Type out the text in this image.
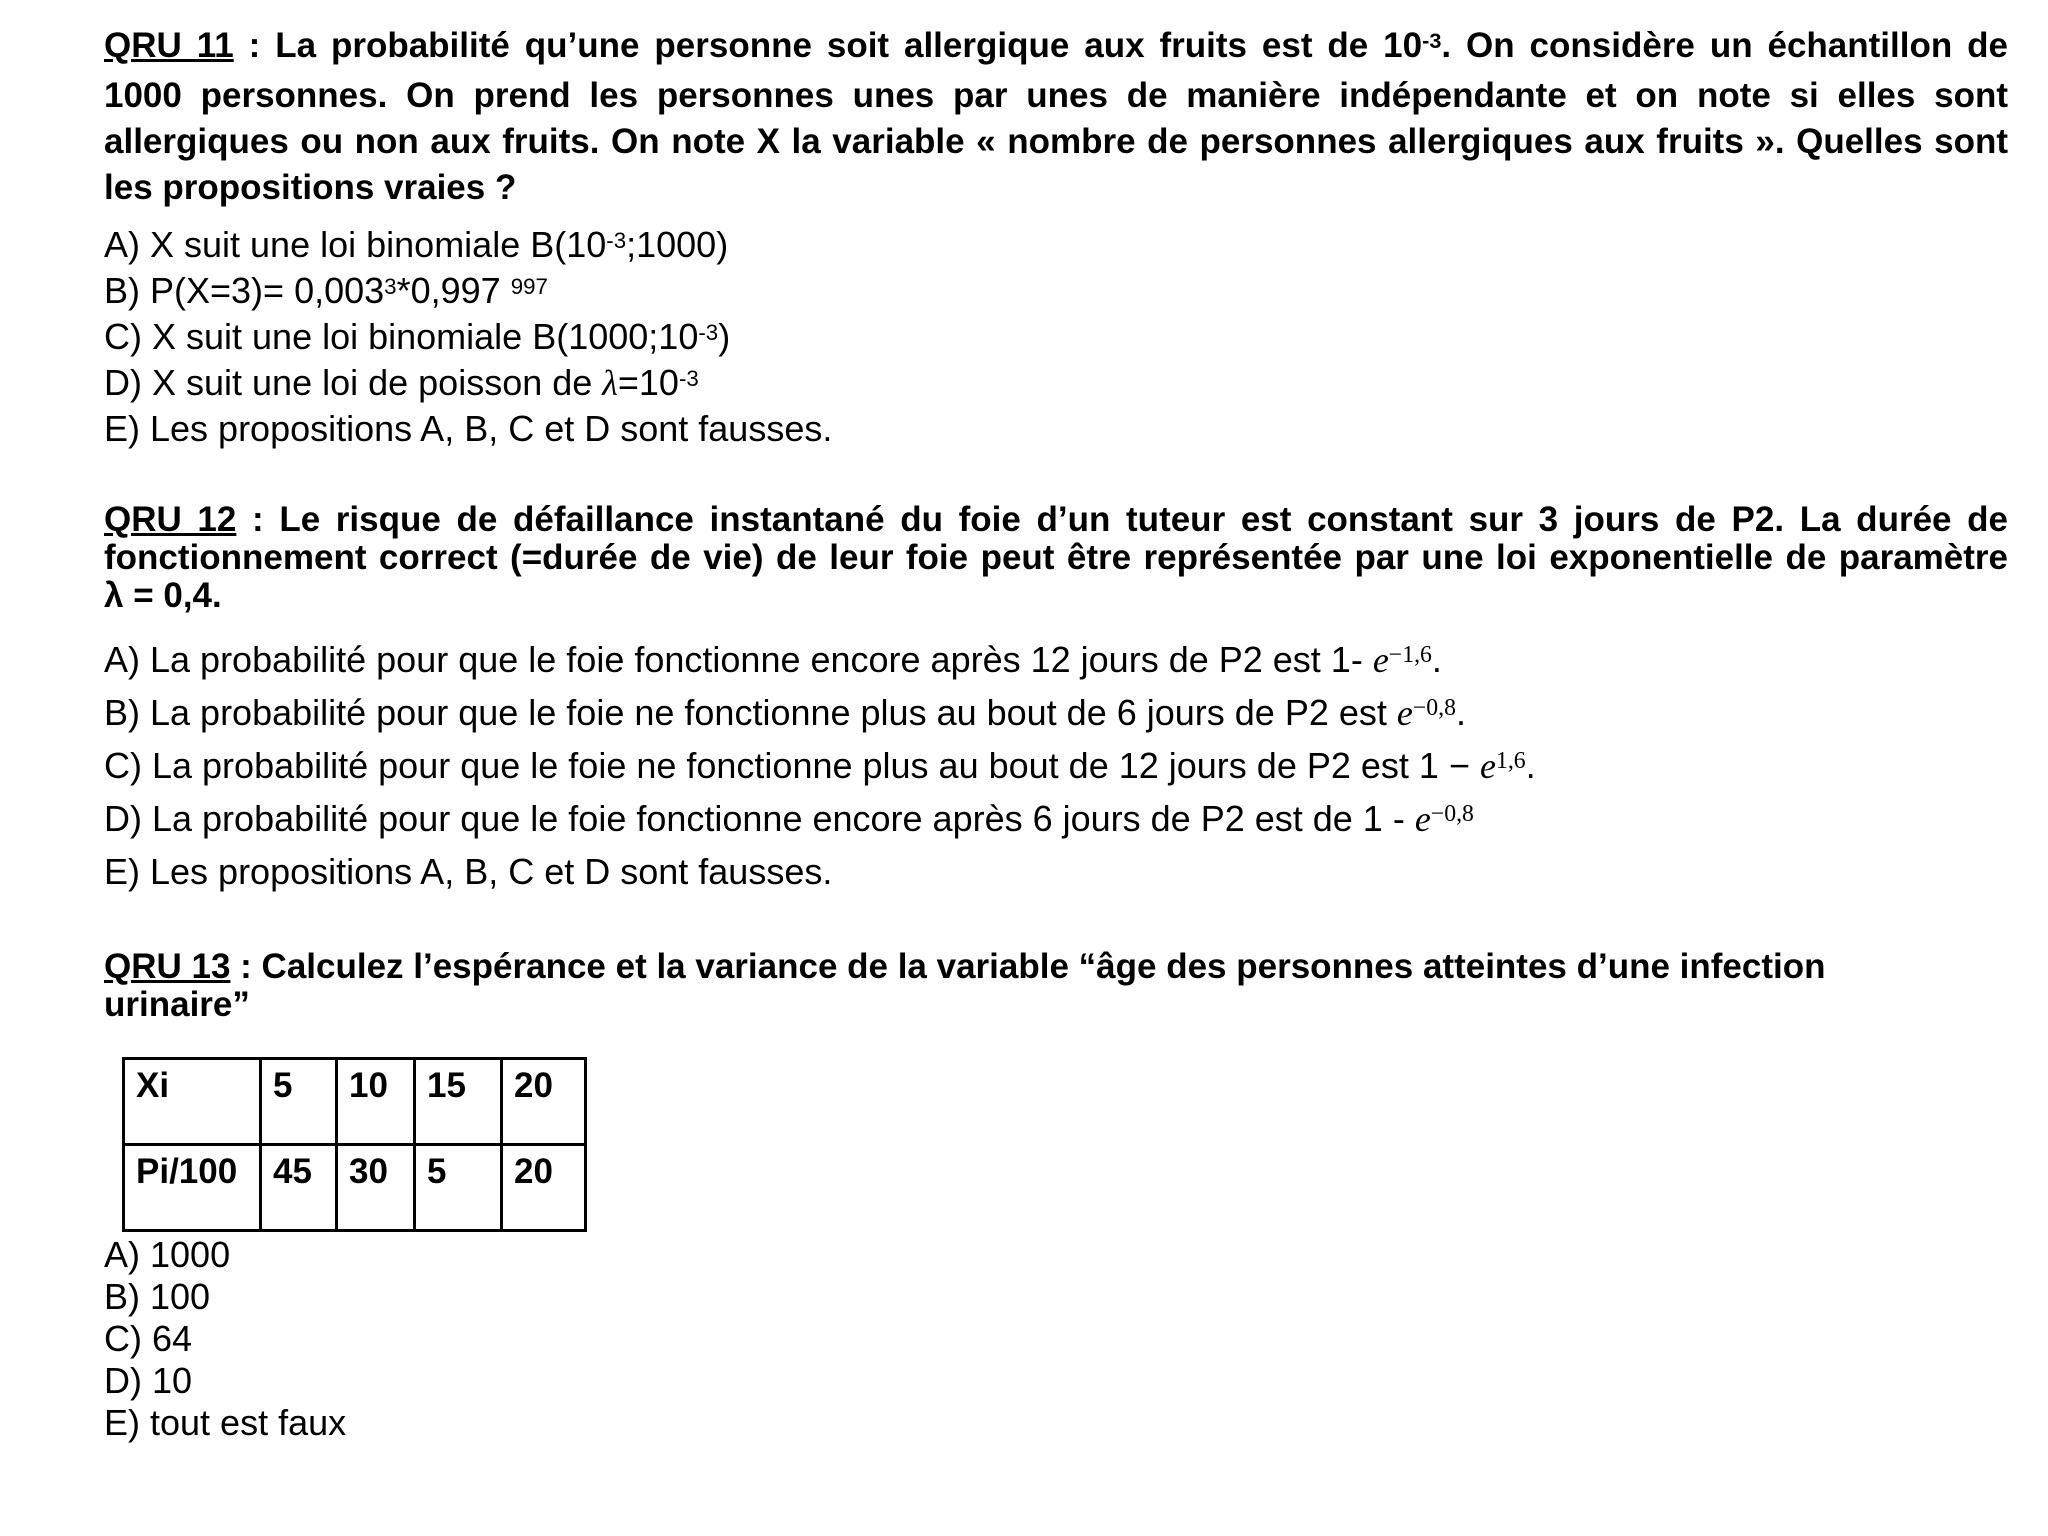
QRU 11 : La probabilité qu’une personne soit allergique aux fruits est de $10^{-3}$. On considère un échantillon de
1000 personnes. On prend les personnes unes par unes de manière indépendante et on note si elles sont
allergiques ou non aux fruits. On note X la variable « nombre de personnes allergiques aux fruits ». Quelles sont
les propositions vraies ?
A) X suit une loi binomiale $B(10^{-3};1000)$
B) $P(X=3)= 0,003^3*0,997$ $^{997}$
C) X suit une loi binomiale $B(1000;10^{-3})$
D) X suit une loi de poisson de $\lambda=10^{-3}$
E) Les propositions A, B, C et D sont fausses.
QRU 12 : Le risque de défaillance instantané du foie d’un tuteur est constant sur 3 jours de P2. La durée de
fonctionnement correct (=durée de vie) de leur foie peut être représentée par une loi exponentielle de paramètre
λ = 0,4.
A) La probabilité pour que le foie fonctionne encore après 12 jours de P2 est 1- $e^{-1,6}$.
B) La probabilité pour que le foie ne fonctionne plus au bout de 6 jours de P2 est $e^{-0,8}$.
C) La probabilité pour que le foie ne fonctionne plus au bout de 12 jours de P2 est $1 - e^{1,6}$.
D) La probabilité pour que le foie fonctionne encore après 6 jours de P2 est de $1 - e^{-0,8}$
E) Les propositions A, B, C et D sont fausses.
QRU 13 : Calculez l’espérance et la variance de la variable “âge des personnes atteintes d’une infection
urinaire”
Xi	5	10	15	20
Pi/100	45	30	5	20
A) 1000
B) 100
C) 64
D) 10
E) tout est faux
